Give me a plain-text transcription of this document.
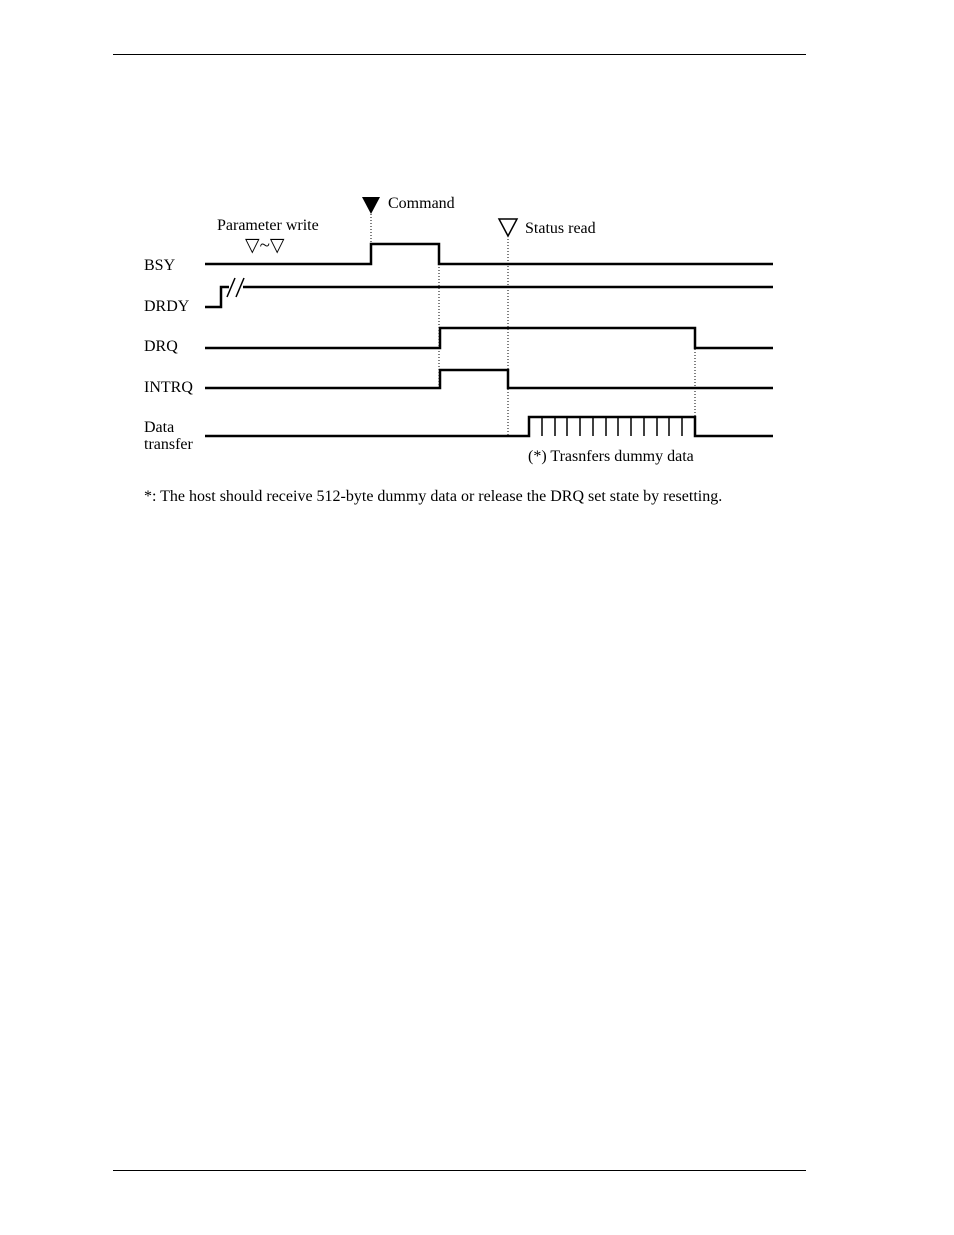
Parameter write
▽~▽
Command
Status read
BSY
DRDY
DRQ
INTRQ
Data
transfer
(*) Trasnfers dummy data
*: The host should receive 512-byte dummy data or release the DRQ set state by resetting.
